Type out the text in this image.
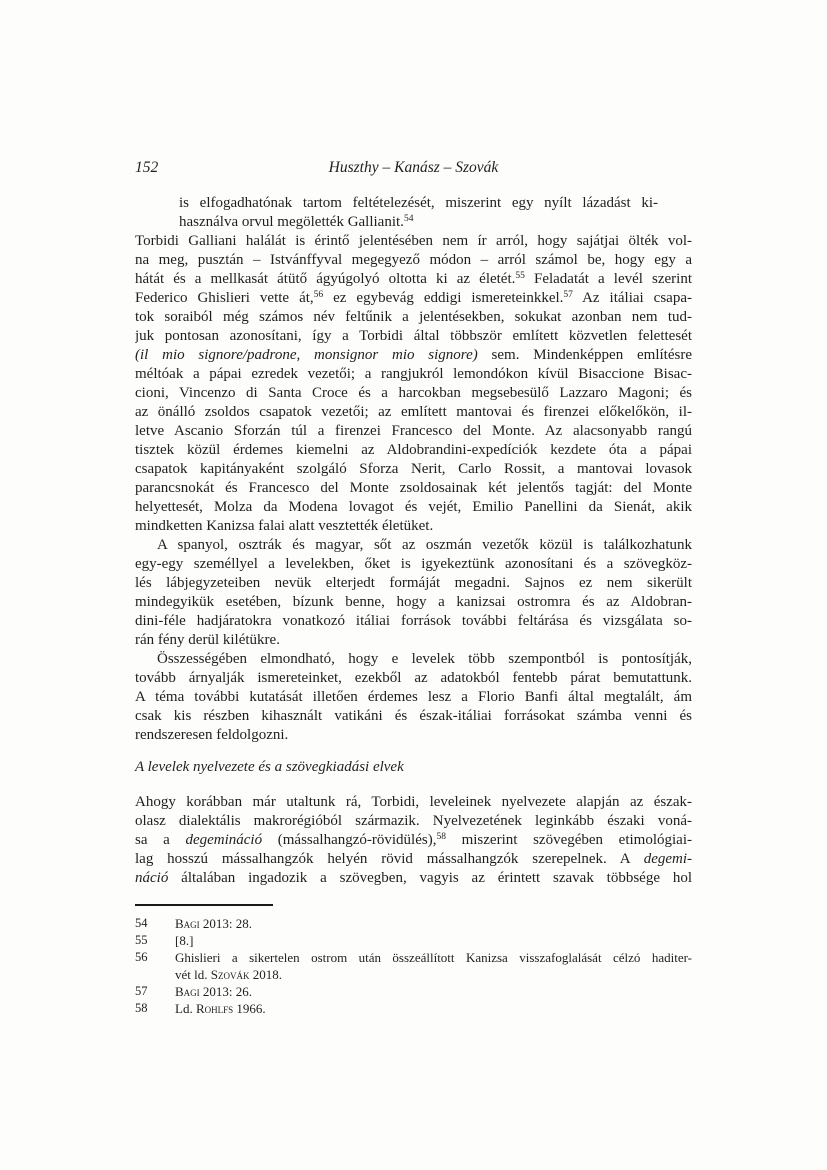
152	Huszthy – Kanász – Szovák
is elfogadhatónak tartom feltételezését, miszerint egy nyílt lázadást ki-
használva orvul megölették Gallianit.$^{54}$
Torbidi Galliani halálát is érintő jelentésében nem ír arról, hogy sajátjai ölték vol-
na meg, pusztán – Istvánffyval megegyező módon – arról számol be, hogy egy a
hátát és a mellkasát átütő ágyúgolyó oltotta ki az életét.$^{55}$ Feladatát a levél szerint
Federico Ghislieri vette át,$^{56}$ ez egybevág eddigi ismereteinkkel.$^{57}$ Az itáliai csapa-
tok soraiból még számos név feltűnik a jelentésekben, sokukat azonban nem tud-
juk pontosan azonosítani, így a Torbidi által többször említett közvetlen felettesét
(il mio signore/padrone, monsignor mio signore) sem. Mindenképpen említésre
méltóak a pápai ezredek vezetői; a rangjukról lemondókon kívül Bisaccione Bisac-
cioni, Vincenzo di Santa Croce és a harcokban megsebesülő Lazzaro Magoni; és
az önálló zsoldos csapatok vezetői; az említett mantovai és firenzei előkelőkön, il-
letve Ascanio Sforzán túl a firenzei Francesco del Monte. Az alacsonyabb rangú
tisztek közül érdemes kiemelni az Aldobrandini-expedíciók kezdete óta a pápai
csapatok kapitányaként szolgáló Sforza Nerit, Carlo Rossit, a mantovai lovasok
parancsnokát és Francesco del Monte zsoldosainak két jelentős tagját: del Monte
helyettesét, Molza da Modena lovagot és vejét, Emilio Panellini da Sienát, akik
mindketten Kanizsa falai alatt vesztették életüket.
A spanyol, osztrák és magyar, sőt az oszmán vezetők közül is találkozhatunk
egy-egy személlyel a levelekben, őket is igyekeztünk azonosítani és a szövegköz-
lés lábjegyzeteiben nevük elterjedt formáját megadni. Sajnos ez nem sikerült
mindegyikük esetében, bízunk benne, hogy a kanizsai ostromra és az Aldobran-
dini-féle hadjáratokra vonatkozó itáliai források további feltárása és vizsgálata so-
rán fény derül kilétükre.
Összességében elmondható, hogy e levelek több szempontból is pontosítják,
tovább árnyalják ismereteinket, ezekből az adatokból fentebb párat bemutattunk.
A téma további kutatását illetően érdemes lesz a Florio Banfi által megtalált, ám
csak kis részben kihasznált vatikáni és észak-itáliai forrásokat számba venni és
rendszeresen feldolgozni.
A levelek nyelvezete és a szövegkiadási elvek
Ahogy korábban már utaltunk rá, Torbidi, leveleinek nyelvezete alapján az észak-
olasz dialektális makrorégióból származik. Nyelvezetének leginkább északi voná-
sa a degemináció (mássalhangzó-rövidülés),$^{58}$ miszerint szövegében etimológiai-
lag hosszú mássalhangzók helyén rövid mássalhangzók szerepelnek. A degemi-
náció általában ingadozik a szövegben, vagyis az érintett szavak többsége hol
54	Bagi 2013: 28.
55	[8.]
56	Ghislieri a sikertelen ostrom után összeállított Kanizsa visszafoglalását célzó haditer-
vét ld. Szovák 2018.
57	Bagi 2013: 26.
58	Ld. Rohlfs 1966.
